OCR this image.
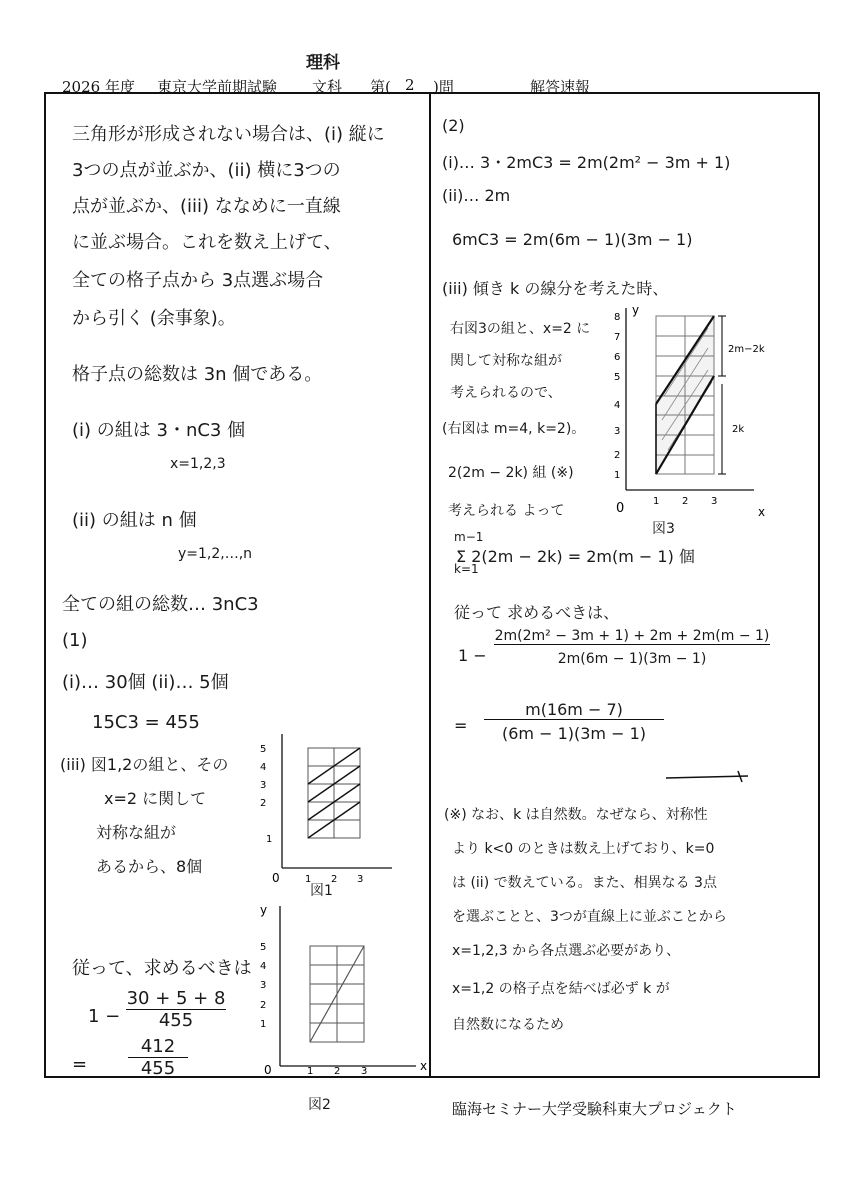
理科
2026 年度 東京大学前期試験 文科 第( 2 )問	解答速報
三角形が形成されない場合は、(i) 縦に
3つの点が並ぶか、(ii) 横に3つの
点が並ぶか、(iii) ななめに一直線
に並ぶ場合。これを数え上げて、
全ての格子点から 3点選ぶ場合
から引く (余事象)。
格子点の総数は 3n 個である。
(i) の組は 3・nC3 個
x=1,2,3
(ii) の組は n 個
y=1,2,…,n
全ての組の総数… 3nC3
(1)
(i)… 30個 (ii)… 5個
15C3 = 455
(iii) 図1,2の組と、その
x=2 に関して
対称な組が
あるから、8個
従って、求めるべきは
$1 - \frac{30 + 5 + 8}{455}$
= $\frac{412}{455}$
5
4
3
2
1
0	1 2 3
図1
y
x
5
4
3
2
1
0	1 2 3
図2
(2)
(i)… 3・2mC3 = 2m(2m² − 3m + 1)
(ii)… 2m
6mC3 = 2m(6m − 1)(3m − 1)
(iii) 傾き k の線分を考えた時、
右図3の組と、x=2 に
関して対称な組が
考えられるので、
(右図は m=4, k=2)。
2(2m − 2k) 組 (※)
考えられる よって
m−1
k=1
Σ 2(2m − 2k) = 2m(m − 1) 個
従って 求めるべきは、
$1 - \frac{\text{2m(2m² − 3m + 1) + 2m + 2m(m − 1)}}{2m(6m - 1)(3m - 1)}$
= $\frac{m(16m - 7)}{(6m - 1)(3m - 1)}$
(※) なお、k は自然数。なぜなら、対称性
より k<0 のときは数え上げており、k=0
は (ii) で数えている。また、相異なる 3点
を選ぶことと、3つが直線上に並ぶことから
x=1,2,3 から各点選ぶ必要があり、
x=1,2 の格子点を結べば必ず k が
自然数になるため
2m−2k
2k
y
x
8
7
6
5
4
3
2
1
0	1 2 3
図3
臨海セミナー大学受験科東大プロジェクト
